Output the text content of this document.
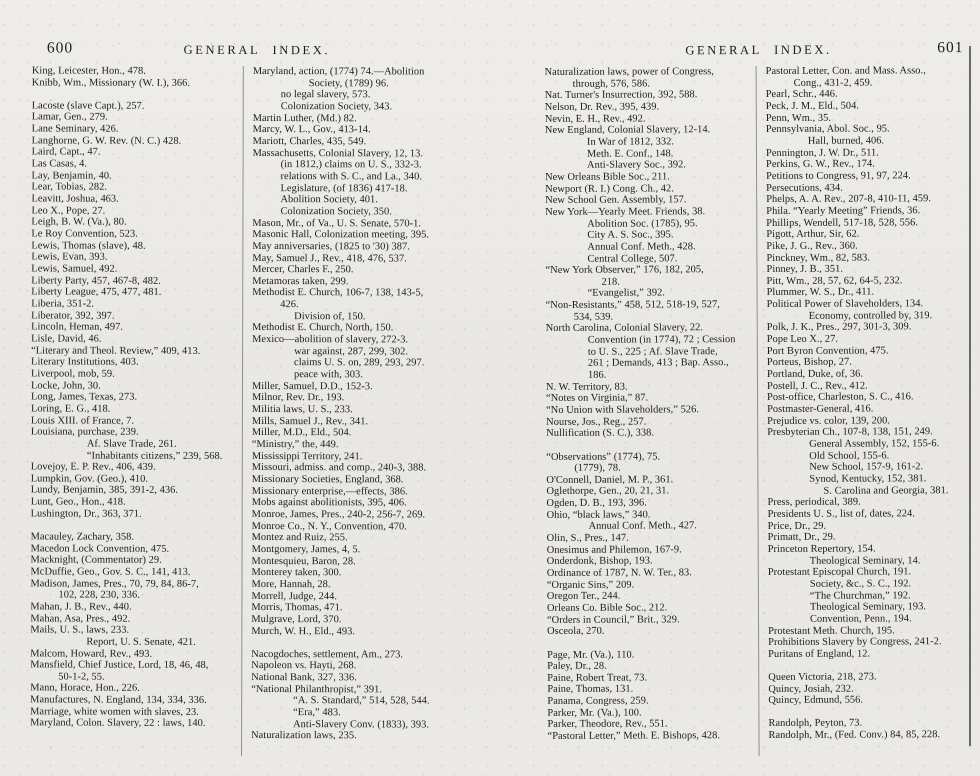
600	GENERAL INDEX.
King, Leicester, Hon., 478.
Knibb, Wm., Missionary (W. I.), 366.
Lacoste (slave Capt.), 257.
Lamar, Gen., 279.
Lane Seminary, 426.
Langhorne, G. W. Rev. (N. C.) 428.
Laird, Capt., 47.
Las Casas, 4.
Lay, Benjamin, 40.
Lear, Tobias, 282.
Leavitt, Joshua, 463.
Leo X., Pope, 27.
Leigh, B. W. (Va.), 80.
Le Roy Convention, 523.
Lewis, Thomas (slave), 48.
Lewis, Evan, 393.
Lewis, Samuel, 492.
Liberty Party, 457, 467-8, 482.
Liberty League, 475, 477, 481.
Liberia, 351-2.
Liberator, 392, 397.
Lincoln, Heman, 497.
Lisle, David, 46.
“Literary and Theol. Review,” 409, 413.
Literary Institutions, 403.
Liverpool, mob, 59.
Locke, John, 30.
Long, James, Texas, 273.
Loring, E. G., 418.
Louis XIII. of France, 7.
Louisiana, purchase, 239.
Af. Slave Trade, 261.
“Inhabitants citizens,” 239, 568.
Lovejoy, E. P. Rev., 406, 439.
Lumpkin, Gov. (Geo.), 410.
Lundy, Benjamin, 385, 391-2, 436.
Lunt, Geo., Hon., 418.
Lushington, Dr., 363, 371.
Macauley, Zachary, 358.
Macedon Lock Convention, 475.
Macknight, (Commentator) 29.
McDuffie, Geo., Gov. S. C., 141, 413.
Madison, James, Pres., 70, 79, 84, 86-7,
102, 228, 230, 336.
Mahan, J. B., Rev., 440.
Mahan, Asa, Pres., 492.
Mails, U. S., laws, 233.
Report, U. S. Senate, 421.
Malcom, Howard, Rev., 493.
Mansfield, Chief Justice, Lord, 18, 46, 48,
50-1-2, 55.
Mann, Horace, Hon., 226.
Manufactures, N. England, 134, 334, 336.
Marriage, white women with slaves, 23.
Maryland, Colon. Slavery, 22 : laws, 140.
Maryland, action, (1774) 74.—Abolition
Society, (1789) 96.
no legal slavery, 573.
Colonization Society, 343.
Martin Luther, (Md.) 82.
Marcy, W. L., Gov., 413-14.
Mariott, Charles, 435, 549.
Massachusetts, Colonial Slavery, 12, 13.
(in 1812,) claims on U. S., 332-3.
relations with S. C., and La., 340.
Legislature, (of 1836) 417-18.
Abolition Society, 401.
Colonization Society, 350.
Mason, Mr., of Va., U. S. Senate, 570-1.
Masonic Hall, Colonization meeting, 395.
May anniversaries, (1825 to '30) 387.
May, Samuel J., Rev., 418, 476, 537.
Mercer, Charles F., 250.
Metamoras taken, 299.
Methodist E. Church, 106-7, 138, 143-5,
426.
Division of, 150.
Methodist E. Church, North, 150.
Mexico—abolition of slavery, 272-3.
war against, 287, 299, 302.
claims U. S. on, 289, 293, 297.
peace with, 303.
Miller, Samuel, D.D., 152-3.
Milnor, Rev. Dr., 193.
Militia laws, U. S., 233.
Mills, Samuel J., Rev., 341.
Miller, M.D., Eld., 504.
“Ministry,” the, 449.
Mississippi Territory, 241.
Missouri, admiss. and comp., 240-3, 388.
Missionary Societies, England, 368.
Missionary enterprise,—effects, 386.
Mobs against abolitionists, 395, 406.
Monroe, James, Pres., 240-2, 256-7, 269.
Monroe Co., N. Y., Convention, 470.
Montez and Ruiz, 255.
Montgomery, James, 4, 5.
Montesquieu, Baron, 28.
Monterey taken, 300.
More, Hannah, 28.
Morrell, Judge, 244.
Morris, Thomas, 471.
Mulgrave, Lord, 370.
Murch, W. H., Eld., 493.
Nacogdoches, settlement, Am., 273.
Napoleon vs. Hayti, 268.
National Bank, 327, 336.
“National Philanthropist,” 391.
“A. S. Standard,” 514, 528, 544.
“Era,” 483.
Anti-Slavery Conv. (1833), 393.
Naturalization laws, 235.
GENERAL INDEX.	601
Naturalization laws, power of Congress,
through, 576, 586.
Nat. Turner's Insurrection, 392, 588.
Nelson, Dr. Rev., 395, 439.
Nevin, E. H., Rev., 492.
New England, Colonial Slavery, 12-14.
In War of 1812, 332.
Meth. E. Conf., 148.
Anti-Slavery Soc., 392.
New Orleans Bible Soc., 211.
Newport (R. I.) Cong. Ch., 42.
New School Gen. Assembly, 157.
New York—Yearly Meet. Friends, 38.
Abolition Soc. (1785), 95.
City A. S. Soc., 395.
Annual Conf. Meth., 428.
Central College, 507.
“New York Observer,” 176, 182, 205,
218.
“Evangelist,” 392.
“Non-Resistants,” 458, 512, 518-19, 527,
534, 539.
North Carolina, Colonial Slavery, 22.
Convention (in 1774), 72 ; Cession
to U. S., 225 ; Af. Slave Trade,
261 ; Demands, 413 ; Bap. Asso.,
186.
N. W. Territory, 83.
“Notes on Virginia,” 87.
“No Union with Slaveholders,” 526.
Nourse, Jos., Reg., 257.
Nullification (S. C.), 338.
“Observations” (1774), 75.
(1779), 78.
O'Connell, Daniel, M. P., 361.
Oglethorpe, Gen., 20, 21, 31.
Ogden, D. B., 193, 396.
Ohio, “black laws,” 340.
Annual Conf. Meth., 427.
Olin, S., Pres., 147.
Onesimus and Philemon, 167-9.
Onderdonk, Bishop, 193.
Ordinance of 1787, N. W. Ter., 83.
“Organic Sins,” 209.
Oregon Ter., 244.
Orleans Co. Bible Soc., 212.
“Orders in Council,” Brit., 329.
Osceola, 270.
Page, Mr. (Va.), 110.
Paley, Dr., 28.
Paine, Robert Treat, 73.
Paine, Thomas, 131.
Panama, Congress, 259.
Parker, Mr. (Va.), 100.
Parker, Theodore, Rev., 551.
“Pastoral Letter,” Meth. E. Bishops, 428.
Pastoral Letter, Con. and Mass. Asso.,
Cong., 431-2, 459.
Pearl, Schr., 446.
Peck, J. M., Eld., 504.
Penn, Wm., 35.
Pennsylvania, Abol. Soc., 95.
Hall, burned, 406.
Pennington, J. W. Dr., 511.
Perkins, G. W., Rev., 174.
Petitions to Congress, 91, 97, 224.
Persecutions, 434.
Phelps, A. A. Rev., 207-8, 410-11, 459.
Phila. “Yearly Meeting” Friends, 36.
Phillips, Wendell, 517-18, 528, 556.
Pigott, Arthur, Sir, 62.
Pike, J. G., Rev., 360.
Pinckney, Wm., 82, 583.
Pinney, J. B., 351.
Pitt, Wm., 28, 57, 62, 64-5, 232.
Plummer, W. S., Dr., 411.
Political Power of Slaveholders, 134.
Economy, controlled by, 319.
Polk, J. K., Pres., 297, 301-3, 309.
Pope Leo X., 27.
Port Byron Convention, 475.
Porteus, Bishop, 27.
Portland, Duke, of, 36.
Postell, J. C., Rev., 412.
Post-office, Charleston, S. C., 416.
Postmaster-General, 416.
Prejudice vs. color, 139, 200.
Presbyterian Ch., 107-8, 138, 151, 249.
General Assembly, 152, 155-6.
Old School, 155-6.
New School, 157-9, 161-2.
Synod, Kentucky, 152, 381.
S. Carolina and Georgia, 381.
Press, periodical, 389.
Presidents U. S., list of, dates, 224.
Price, Dr., 29.
Primatt, Dr., 29.
Princeton Repertory, 154.
Theological Seminary, 14.
Protestant Episcopal Church, 191.
Society, &c., S. C., 192.
“The Churchman,” 192.
Theological Seminary, 193.
Convention, Penn., 194.
Protestant Meth. Church, 195.
Prohibitions Slavery by Congress, 241-2.
Puritans of England, 12.
Queen Victoria, 218, 273.
Quincy, Josiah, 232.
Quincy, Edmund, 556.
Randolph, Peyton, 73.
Randolph, Mr., (Fed. Conv.) 84, 85, 228.
